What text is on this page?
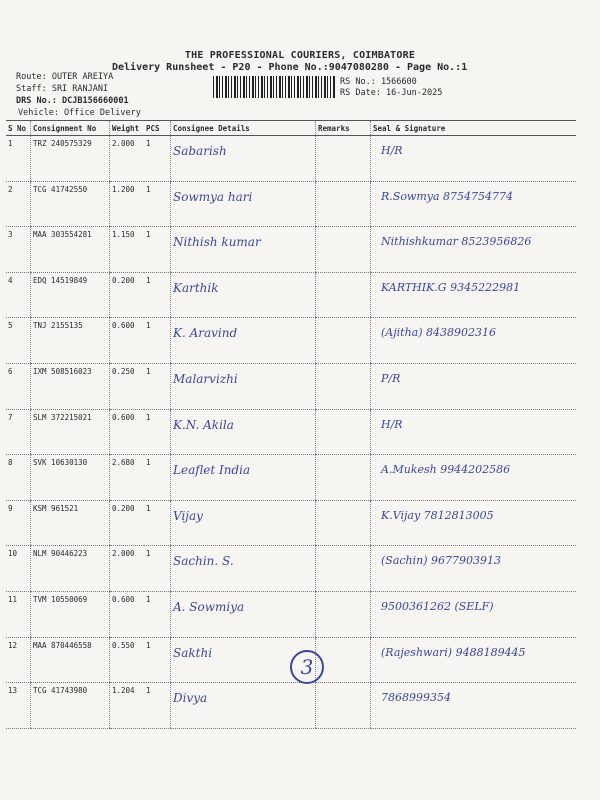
THE PROFESSIONAL COURIERS, COIMBATORE
Delivery Runsheet - P20 - Phone No.:9047080280 - Page No.:1
Route: OUTER AREIYA
Staff: SRI RANJANI
DRS No.: DCJB156660001
Vehicle: Office Delivery
RS No.: 1566600
RS Date: 16-Jun-2025
S No	Consignment No	Weight	PCS	Consignee Details	Remarks	Seal & Signature
1	TRZ 240575329	2.000	1	Sabarish		H/R
2	TCG 41742550	1.200	1	Sowmya hari		R.Sowmya 8754754774
3	MAA 303554281	1.150	1	Nithish kumar		Nithishkumar 8523956826
4	EDQ 14519849	0.200	1	Karthik		KARTHIK.G 9345222981
5	TNJ 2155135	0.600	1	K. Aravind		(Ajitha) 8438902316
6	IXM 508516023	0.250	1	Malarvizhi		P/R
7	SLM 372215021	0.600	1	K.N. Akila		H/R
8	SVK 10630130	2.680	1	Leaflet India		A.Mukesh 9944202586
9	KSM 961521	0.200	1	Vijay		K.Vijay 7812813005
10	NLM 90446223	2.000	1	Sachin. S.		(Sachin) 9677903913
11	TVM 10550069	0.600	1	A. Sowmiya		9500361262 (SELF)
12	MAA 870446558	0.550	1	Sakthi		(Rajeshwari) 9488189445
13	TCG 41743980	1.204	1	Divya		7868999354
3
